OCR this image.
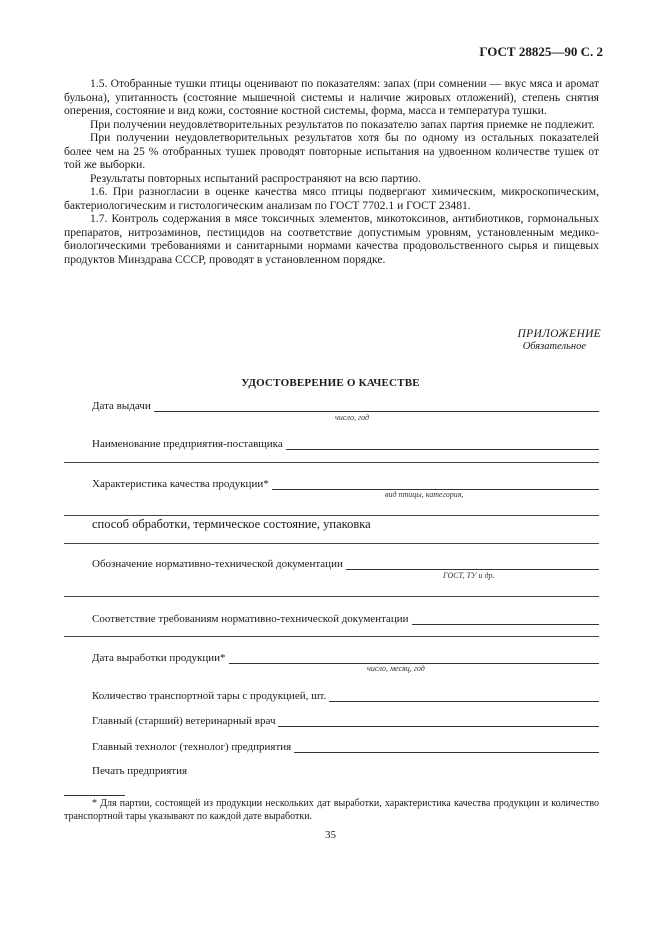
ГОСТ 28825—90 С. 2

1.5. Отобранные тушки птицы оценивают по показателям: запах (при сомнении — вкус мяса и аромат бульона), упитанность (состояние мышечной системы и наличие жировых отложений), степень снятия оперения, состояние и вид кожи, состояние костной системы, форма, масса и температура тушки.

При получении неудовлетворительных результатов по показателю запах партия приемке не подлежит.

При получении неудовлетворительных результатов хотя бы по одному из остальных показателей более чем на 25 % отобранных тушек проводят повторные испытания на удвоенном количестве тушек от той же выборки.

Результаты повторных испытаний распространяют на всю партию.

1.6. При разногласии в оценке качества мясо птицы подвергают химическим, микроскопическим, бактериологическим и гистологическим анализам по ГОСТ 7702.1 и ГОСТ 23481.

1.7. Контроль содержания в мясе токсичных элементов, микотоксинов, антибиотиков, гормональных препаратов, нитрозаминов, пестицидов на соответствие допустимым уровням, установленным медико-биологическими требованиями и санитарными нормами качества продовольственного сырья и пищевых продуктов Минздрава СССР, проводят в установленном порядке.

ПРИЛОЖЕНИЕ
Обязательное
УДОСТОВЕРЕНИЕ О КАЧЕСТВЕ
Дата выдачи
число, год
Наименование предприятия-поставщика
Характеристика качества продукции*
вид птицы, категория,
способ обработки, термическое состояние, упаковка
Обозначение нормативно-технической документации
ГОСТ, ТУ и др.
Соответствие требованиям нормативно-технической документации
Дата выработки продукции*
число, месяц, год
Количество транспортной тары с продукцией, шт.
Главный (старший) ветеринарный врач
Главный технолог (технолог) предприятия
Печать предприятия
* Для партии, состоящей из продукции нескольких дат выработки, характеристика качества продукции и количество транспортной тары указывают по каждой дате выработки.
35
